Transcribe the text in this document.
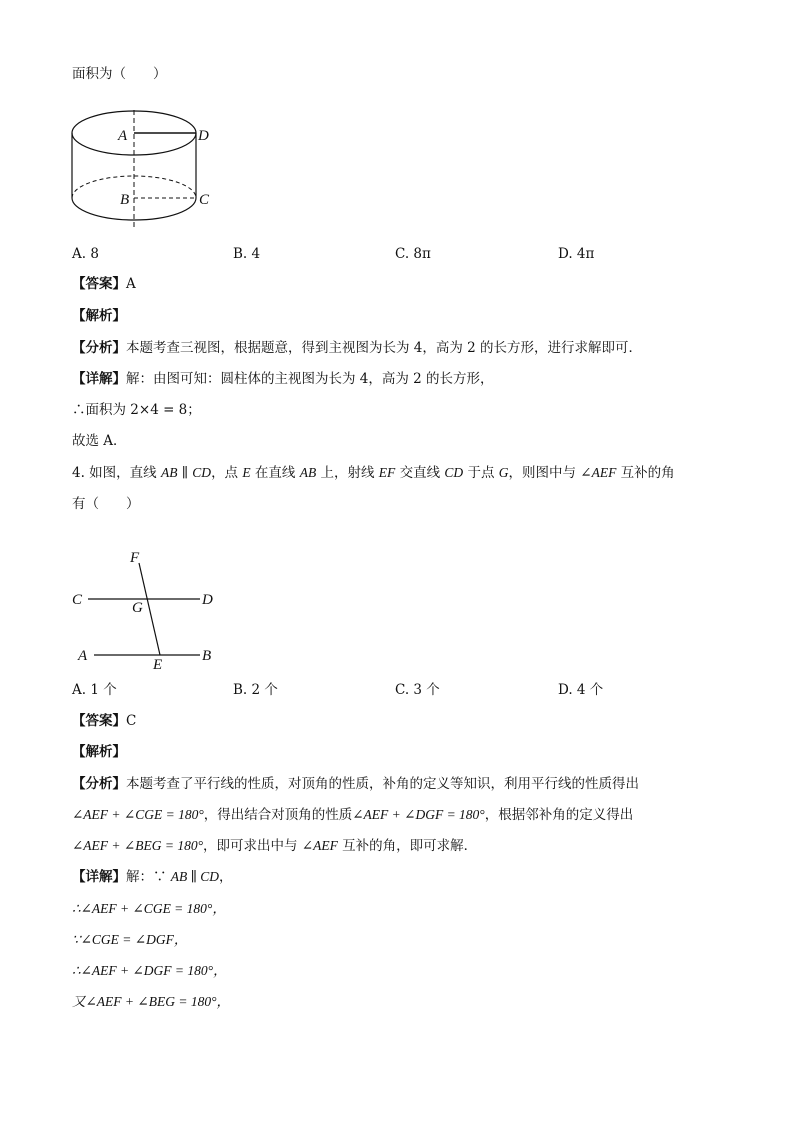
面积为（　　）
A	D
B	C
A. 8	B. 4	C. 8π	D. 4π
【答案】A
【解析】
【分析】本题考查三视图，根据题意，得到主视图为长为 4，高为 2 的长方形，进行求解即可．
【详解】解：由图可知：圆柱体的主视图为长为 4，高为 2 的长方形，
∴面积为 2×4 = 8；
故选 A．
4. 如图，直线 AB ∥ CD，点 E 在直线 AB 上，射线 EF 交直线 CD 于点 G，则图中与 ∠AEF 互补的角
有（　　）
F
C	G	D
A
E
B
A. 1 个	B. 2 个	C. 3 个	D. 4 个
【答案】C
【解析】
【分析】本题考查了平行线的性质，对顶角的性质，补角的定义等知识，利用平行线的性质得出
∠AEF + ∠CGE = 180°，得出结合对顶角的性质∠AEF + ∠DGF = 180°，根据邻补角的定义得出
∠AEF + ∠BEG = 180°，即可求出中与 ∠AEF 互补的角，即可求解．
【详解】解：∵ AB ∥ CD，
∴∠AEF + ∠CGE = 180°，
∵∠CGE = ∠DGF，
∴∠AEF + ∠DGF = 180°，
又∠AEF + ∠BEG = 180°，
